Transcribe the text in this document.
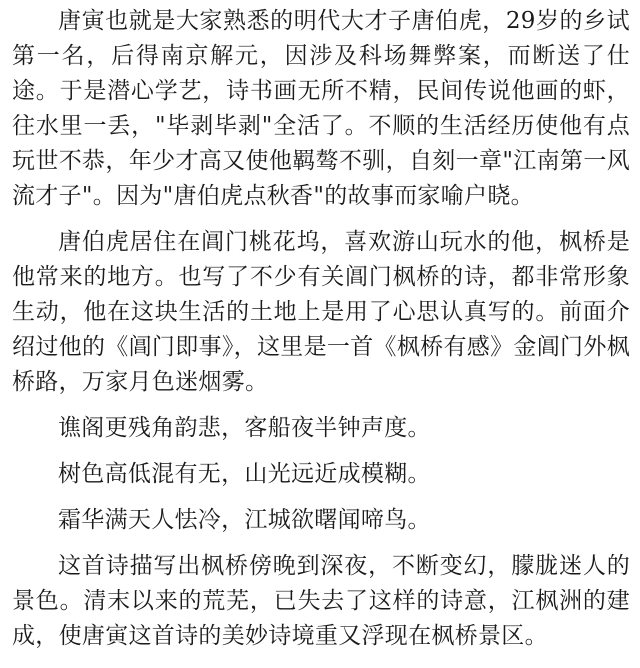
唐寅也就是大家熟悉的明代大才子唐伯虎，29岁的乡试第一名，后得南京解元，因涉及科场舞弊案，而断送了仕途。于是潜心学艺，诗书画无所不精，民间传说他画的虾，往水里一丢，"毕剥毕剥"全活了。不顺的生活经历使他有点玩世不恭，年少才高又使他羁骜不驯，自刻一章"江南第一风流才子"。因为"唐伯虎点秋香"的故事而家喻户晓。

唐伯虎居住在阊门桃花坞，喜欢游山玩水的他，枫桥是他常来的地方。也写了不少有关阊门枫桥的诗，都非常形象生动，他在这块生活的土地上是用了心思认真写的。前面介绍过他的《阊门即事》，这里是一首《枫桥有感》金阊门外枫桥路，万家月色迷烟雾。

谯阁更残角韵悲，客船夜半钟声度。

树色高低混有无，山光远近成模糊。

霜华满天人怯冷，江城欲曙闻啼鸟。

这首诗描写出枫桥傍晚到深夜，不断变幻，朦胧迷人的景色。清末以来的荒芜，已失去了这样的诗意，江枫洲的建成，使唐寅这首诗的美妙诗境重又浮现在枫桥景区。
